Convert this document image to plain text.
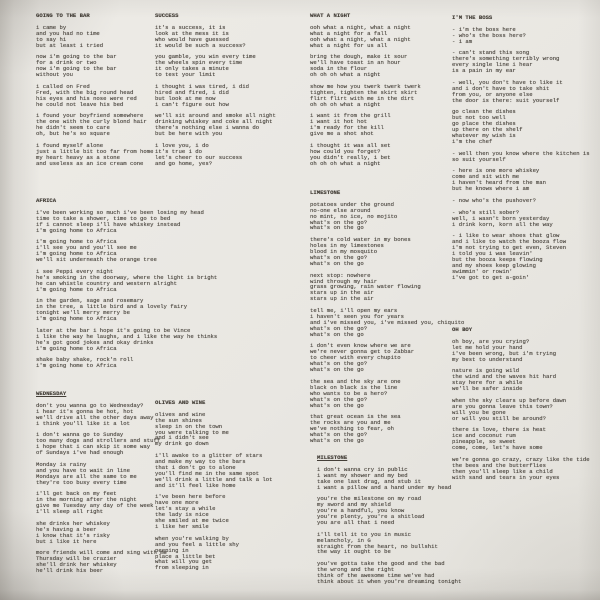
GOING TO THE BAR
i came by
and you had no time
to say hi
but at least i tried
now i'm going to the bar
for a drink or two
now i'm going to the bar
without you
i called on Fred
Fred, with the big round head
his eyes and his nose were red
he could not leave his bed
i found your boyfriend somewhere
the one with the curly blond hair
he didn't seem to care
oh, but he's so square
i found myself alone
just a little bit too far from home
my heart heavy as a stone
and useless as an ice cream cone
AFRICA
i've been working so much i've been losing my head
time to take a shower, time to go to bed
if i cannot sleep i'll have whiskey instead
i'm going home to Africa
i'm going home to Africa
i'll see you and you'll see me
i'm going home to Africa
we'll sit underneath the orange tree
i see Peppi every night
he's smoking in the doorway, where the light is bright
he can whistle country and western alright
i'm going home to Africa
in the garden, sage and rosemary
in the tree, a little bird and a lovely fairy
tonight we'll merry merry be
i'm going home to Africa
later at the bar i hope it's going to be Vince
i like the way he laughs, and i like the way he thinks
he's got good jokes and okay drinks
i'm going home to Africa
shake baby shake, rock'n roll
i'm going home to Africa
WEDNESDAY
don't you wanna go to Wednesday?
i hear it's gonna be hot, hot
we'll drive all the other days away
i think you'll like it a lot
i don't wanna go to Sunday
too many dogs and strollers and stuff
i hope that i can skip it some way
of Sundays i've had enough
Monday is rainy
and you have to wait in line
Mondays are all the same to me
they're too busy every time
i'll get back on my feet
in the morning after the night
give me Tuesday any day of the week
i'll sleep all right
she drinks her whiskey
he's having a beer
i know that it's risky
but i like it here
more friends will come and sing with me
Thursday will be crazier
she'll drink her whiskey
he'll drink his beer
SUCCESS
it's a success, it is
look at the mess it is
who would have guessed
it would be such a success?
you gamble, you win every time
the wheels spin every time
it only takes a minute
to test your limit
i thought i was tired, i did
hired and fired, i did
but look at me now
i can't figure out how
we'll sit around and smoke all night
drinking whiskey and coke all night
there's nothing else i wanna do
but be here with you
i love you, i do
it's true i do
let's cheer to our success
and go home, yes?
OLIVES AND WINE
olives and wine
the sun shines
sleep in on the town
you were talking to me
and i didn't see
my drink go down
i'll awake to a glitter of stars
and make my way to the bars
that i don't go to alone
you'll find me in the same spot
we'll drink a little and talk a lot
and it'll feel like home
i've been here before
have one more
let's stay a while
the lady is nice
she smiled at me twice
i like her smile
when you're walking by
and you feel a little shy
peeping in
place a little bet
what will you get
from sleeping in
WHAT A NIGHT
ooh what a night, what a night
what a night for a fall
ooh what a night, what a night
what a night for us all
bring the dough, make it sour
we'll have toast in an hour
soda in the flour
oh oh oh what a night
show me how you twerk twerk twerk
tighten, tighten the skirt skirt
flirt flirt with me in the dirt
oh oh oh what a night
i want it from the grill
i want it hot hot
i'm ready for the kill
give me a shot shot
i thought it was all set
how could you forget?
you didn't really, i bet
oh oh oh what a night
LIMESTONE
potatoes under the ground
no-one else around
no mint, no ice, no mojito
what's on the go?
what's on the go
there's cold water in my bones
holes in my limestones
blood in my mosquito
what's on the go?
what's on the go
next stop: nowhere
wind through my hair
grass growing, rain water flowing
stars up in the air
stars up in the air
tell me, i'll open my ears
i haven't seen you for years
and i've missed you, i've missed you, chiquito
what's on the go?
what's on the go
i don't even know where we are
we're never gonna get to Zabbar
to cheer with every chupito
what's on the go?
what's on the go
the sea and the sky are one
black on black is the line
who wants to be a hero?
what's on the go?
what's on the go
that great ocean is the sea
the rocks are you and me
we've nothing to fear, oh
what's on the go?
what's on the go
MILESTONE
i don't wanna cry in public
i want my shower and my bed
take one last drag, and stub it
i want a pillow and a hand under my head
you're the milestone on my road
my sword and my shield
you're a handful, you know
you're plenty, you're a shitload
you are all that i need
i'll tell it to you in music
melancholy, in G
straight from the heart, no bullshit
the way it ought to be
you've gotta take the good and the bad
the wrong and the right
think of the awesome time we've had
think about it when you're dreaming tonight
I'M THE BOSS
- i'm the boss here
- who's the boss here?
- i am
- can't stand this song
there's something terribly wrong
every single line i hear
is a pain in my ear
- well, you don't have to like it
and i don't have to take shit
from you, or anyone else
the door is there: suit yourself
go clean the dishes
but not too well
go place the dishes
up there on the shelf
whatever my wish is
i'm the chef
- well then you know where the kitchen is
so suit yourself
- here is one more whiskey
come and sit with me
i haven't heard from the man
but he knows where i am
- now who's the pushover?
- who's still sober?
well, i wasn't born yesterday
i drink korn, korn all the way
- i like to wear shoes that glow
and i like to watch the booza flow
i'm not trying to get even, Steven
i told you i was leavin'
but the booza keeps flowing
and my shoes keep glowing
swimmin' or rowin'
i've got to get a-goin'
OH BOY
oh boy, are you crying?
let me hold your hand
i've been wrong, but i'm trying
my best to understand
nature is going wild
the wind and the waves hit hard
stay here for a while
we'll be safer inside
when the sky clears up before dawn
are you gonna leave this town?
will you be gone
or will you still be around?
there is love, there is heat
ice and coconut rum
pineapple, so sweet
come, come, let's have some
we're gonna go crazy, crazy like the tide
the bees and the butterflies
then you'll sleep like a child
with sand and tears in your eyes
